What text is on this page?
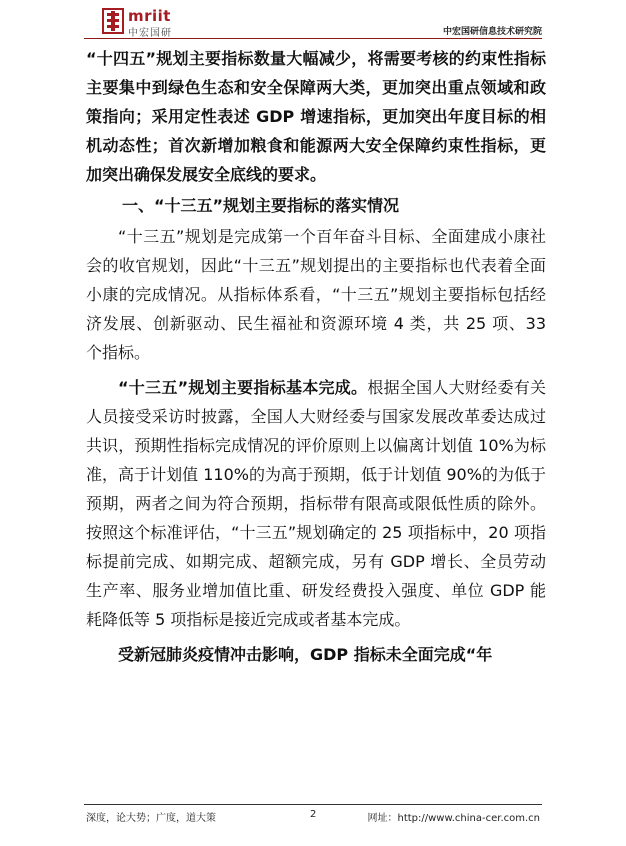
mriit
中宏国研	中宏国研信息技术研究院

“十四五”规划主要指标数量大幅减少，将需要考核的约束性指标主要集中到绿色生态和安全保障两大类，更加突出重点领域和政策指向；采用定性表述 GDP 增速指标，更加突出年度目标的相机动态性；首次新增加粮食和能源两大安全保障约束性指标，更加突出确保发展安全底线的要求。

一、“十三五”规划主要指标的落实情况

“十三五”规划是完成第一个百年奋斗目标、全面建成小康社会的收官规划，因此“十三五”规划提出的主要指标也代表着全面小康的完成情况。从指标体系看，“十三五”规划主要指标包括经济发展、创新驱动、民生福祉和资源环境 4 类，共 25 项、33 个指标。

“十三五”规划主要指标基本完成。根据全国人大财经委有关人员接受采访时披露，全国人大财经委与国家发展改革委达成过共识，预期性指标完成情况的评价原则上以偏离计划值 10%为标准，高于计划值 110%的为高于预期，低于计划值 90%的为低于预期，两者之间为符合预期，指标带有限高或限低性质的除外。按照这个标准评估，“十三五”规划确定的 25 项指标中，20 项指标提前完成、如期完成、超额完成，另有 GDP 增长、全员劳动生产率、服务业增加值比重、研发经费投入强度、单位 GDP 能耗降低等 5 项指标是接近完成或者基本完成。

受新冠肺炎疫情冲击影响，GDP 指标未全面完成“年

深度，论大势；广度，道大策	2	网址：http://www.china-cer.com.cn
